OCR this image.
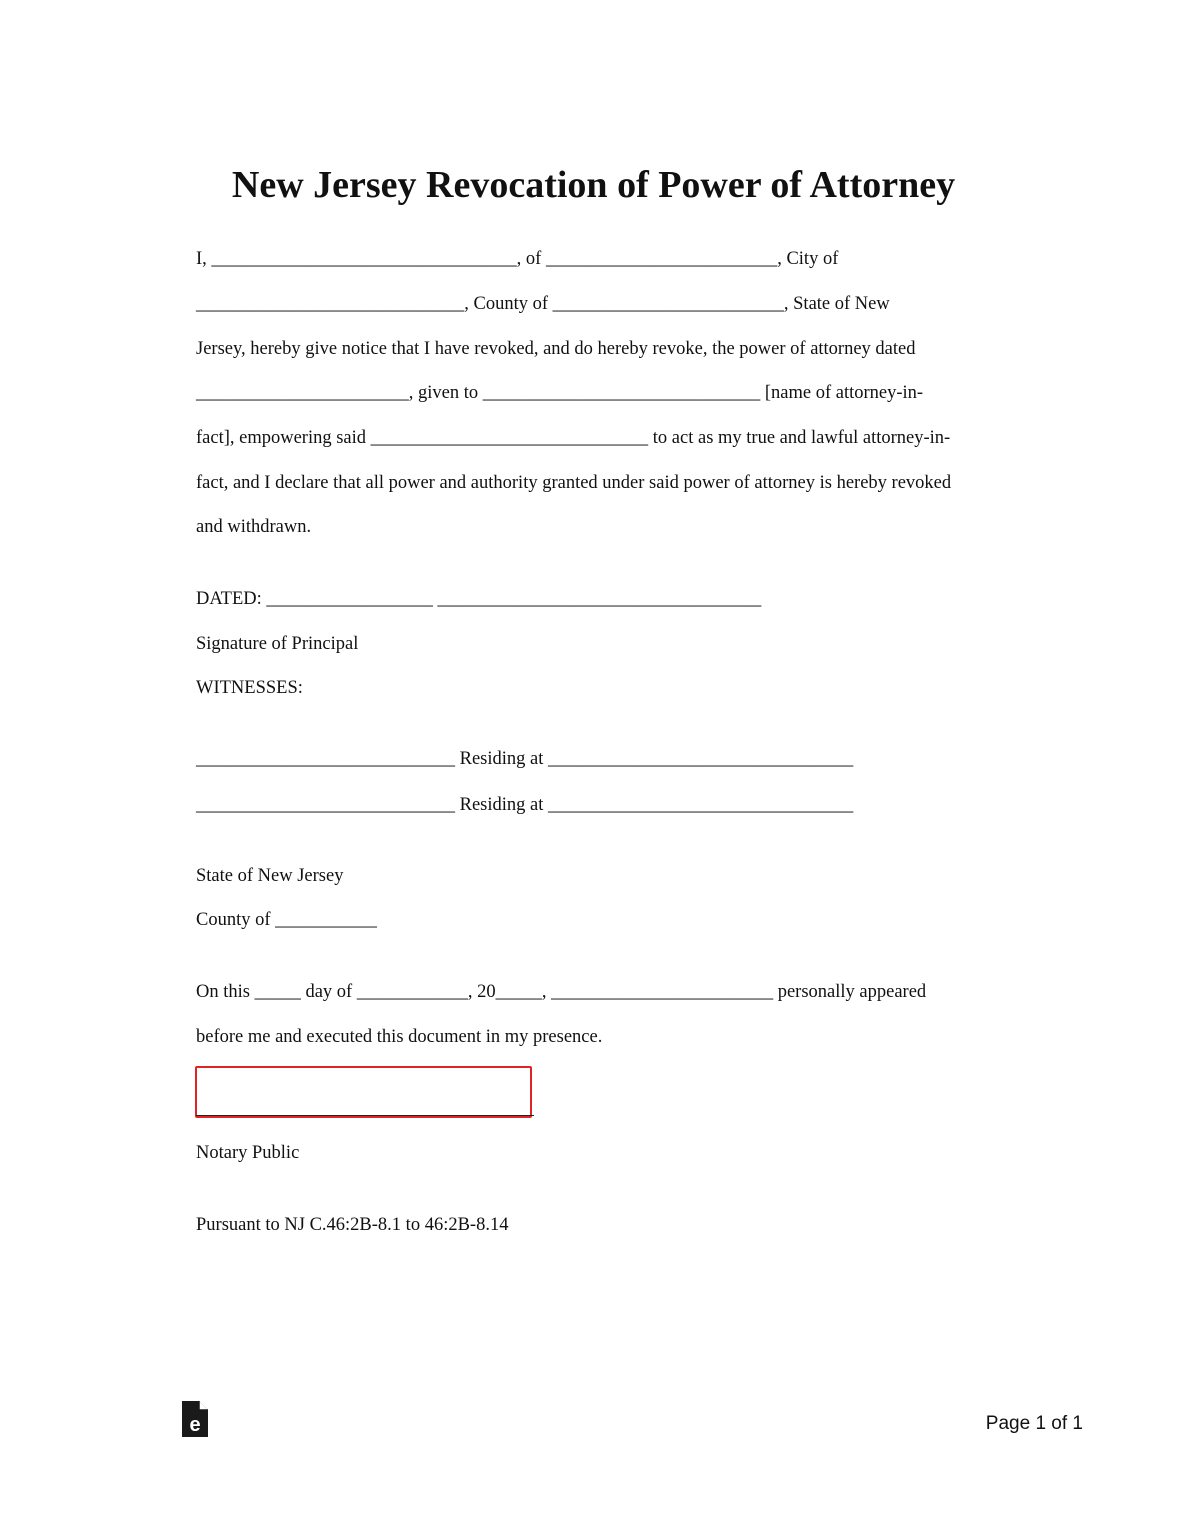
New Jersey Revocation of Power of Attorney
I, _________________________________, of _________________________, City of
_____________________________, County of _________________________, State of New
Jersey, hereby give notice that I have revoked, and do hereby revoke, the power of attorney dated
_______________________, given to ______________________________ [name of attorney-in-
fact], empowering said ______________________________ to act as my true and lawful attorney-in-
fact, and I declare that all power and authority granted under said power of attorney is hereby revoked
and withdrawn.
DATED: __________________ ___________________________________
Signature of Principal
WITNESSES:
____________________________ Residing at _________________________________
____________________________ Residing at _________________________________
State of New Jersey
County of ___________
On this _____ day of ____________, 20_____, ________________________ personally appeared
before me and executed this document in my presence.
Notary Public
Pursuant to NJ C.46:2B-8.1 to 46:2B-8.14
e	Page 1 of 1
